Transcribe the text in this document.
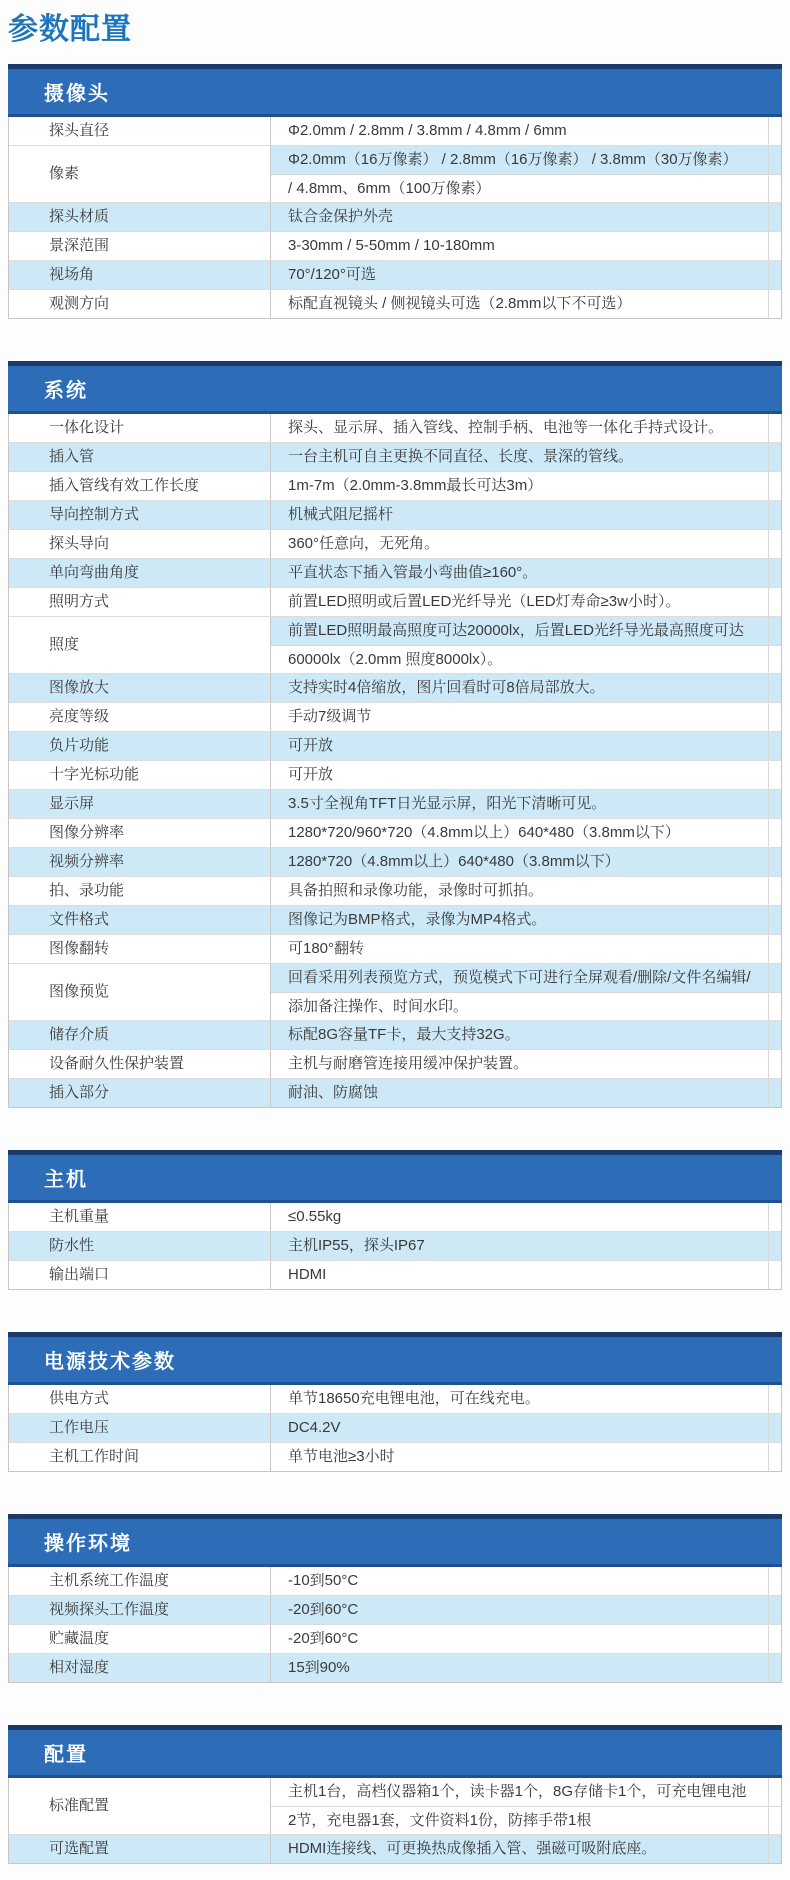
参数配置
摄像头
探头直径	Φ2.0mm / 2.8mm / 3.8mm / 4.8mm / 6mm
像素
Φ2.0mm（16万像素） / 2.8mm（16万像素） / 3.8mm（30万像素）
/ 4.8mm、6mm（100万像素）
探头材质	钛合金保护外壳
景深范围	3-30mm / 5-50mm / 10-180mm
视场角	70°/120°可选
观测方向	标配直视镜头 / 侧视镜头可选（2.8mm以下不可选）
系统
一体化设计	探头、显示屏、插入管线、控制手柄、电池等一体化手持式设计。
插入管	一台主机可自主更换不同直径、长度、景深的管线。
插入管线有效工作长度	1m-7m（2.0mm-3.8mm最长可达3m）
导向控制方式	机械式阻尼摇杆
探头导向	360°任意向，无死角。
单向弯曲角度	平直状态下插入管最小弯曲值≥160°。
照明方式	前置LED照明或后置LED光纤导光（LED灯寿命≥3w小时）。
照度
前置LED照明最高照度可达20000lx，后置LED光纤导光最高照度可达
60000lx（2.0mm 照度8000lx）。
图像放大	支持实时4倍缩放，图片回看时可8倍局部放大。
亮度等级	手动7级调节
负片功能	可开放
十字光标功能	可开放
显示屏	3.5寸全视角TFT日光显示屏，阳光下清晰可见。
图像分辨率	1280*720/960*720（4.8mm以上）640*480（3.8mm以下）
视频分辨率	1280*720（4.8mm以上）640*480（3.8mm以下）
拍、录功能	具备拍照和录像功能，录像时可抓拍。
文件格式	图像记为BMP格式，录像为MP4格式。
图像翻转	可180°翻转
图像预览
回看采用列表预览方式，预览模式下可进行全屏观看/删除/文件名编辑/
添加备注操作、时间水印。
储存介质	标配8G容量TF卡，最大支持32G。
设备耐久性保护装置	主机与耐磨管连接用缓冲保护装置。
插入部分	耐油、防腐蚀
主机
主机重量	≤0.55kg
防水性	主机IP55，探头IP67
输出端口	HDMI
电源技术参数
供电方式	单节18650充电锂电池，可在线充电。
工作电压	DC4.2V
主机工作时间	单节电池≥3小时
操作环境
主机系统工作温度	-10到50°C
视频探头工作温度	-20到60°C
贮藏温度	-20到60°C
相对湿度	15到90%
配置
标准配置
主机1台，高档仪器箱1个，读卡器1个，8G存储卡1个，可充电锂电池
2节，充电器1套，文件资料1份，防摔手带1根
可选配置	HDMI连接线、可更换热成像插入管、强磁可吸附底座。
